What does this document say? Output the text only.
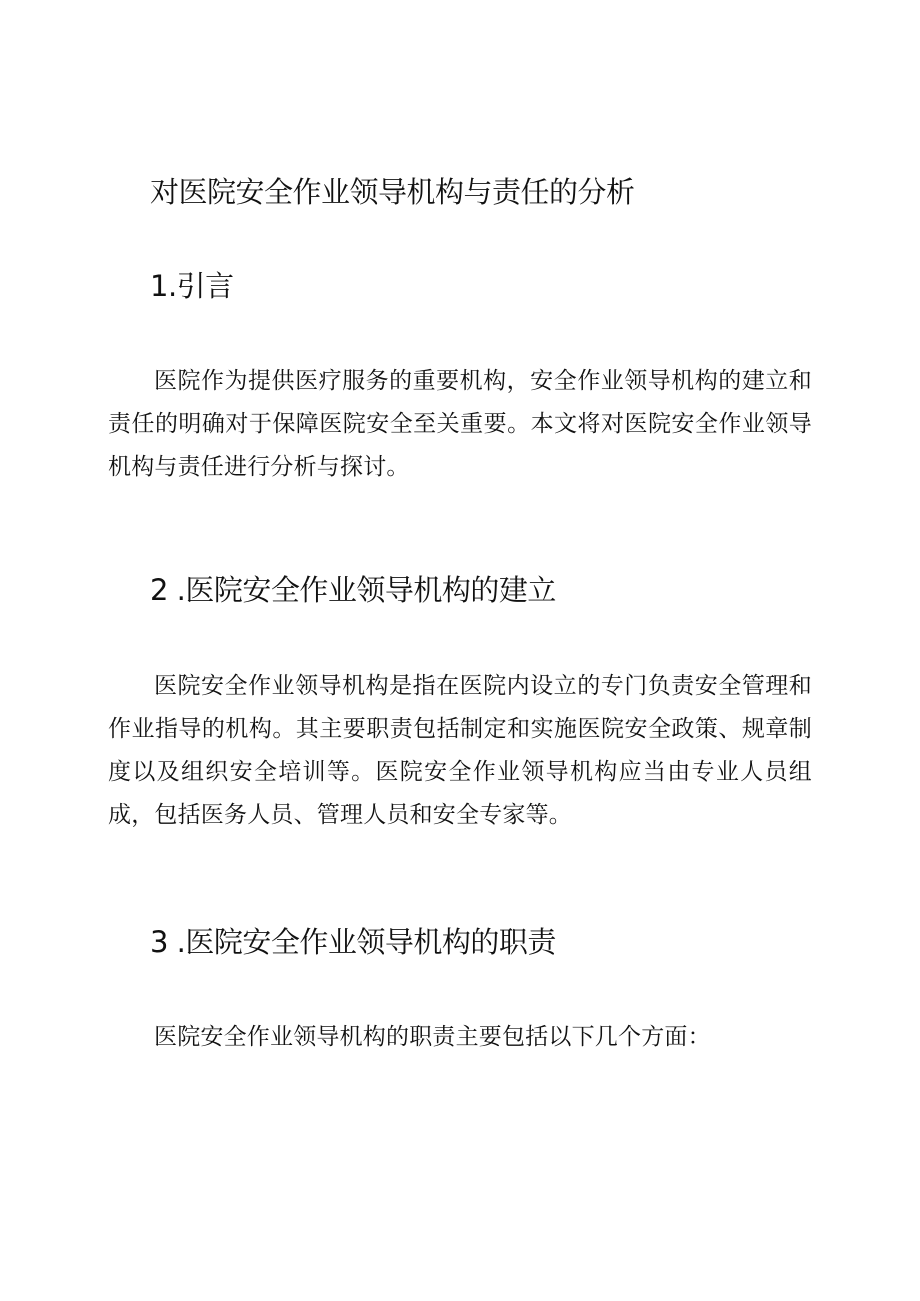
对医院安全作业领导机构与责任的分析
1.引言

医院作为提供医疗服务的重要机构，安全作业领导机构的建立和责任的明确对于保障医院安全至关重要。本文将对医院安全作业领导机构与责任进行分析与探讨。

2 .医院安全作业领导机构的建立

医院安全作业领导机构是指在医院内设立的专门负责安全管理和作业指导的机构。其主要职责包括制定和实施医院安全政策、规章制度以及组织安全培训等。医院安全作业领导机构应当由专业人员组成，包括医务人员、管理人员和安全专家等。

3 .医院安全作业领导机构的职责

医院安全作业领导机构的职责主要包括以下几个方面：
